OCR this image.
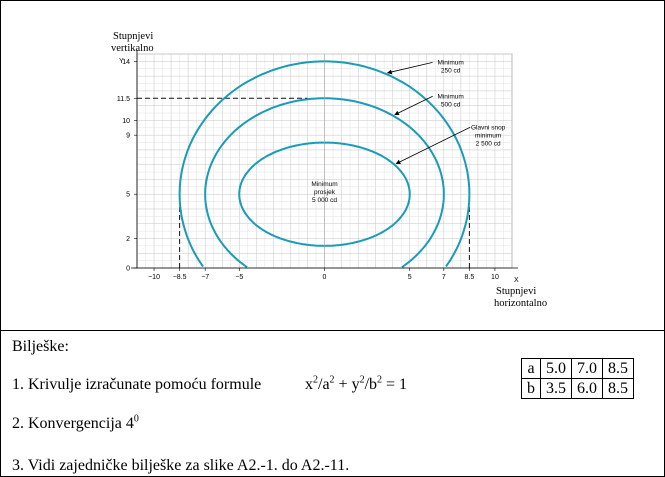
−10 −8.5 −7	−5	0	5	7	8.5 10
0
2
5
9
10
11.5
14	Minimum
250 cd
Minimum
500 cd
Glavni snop
minimum
2 500 cd
Minimum
prosjek
5 000 cd
Stupnjevi
vertikalno
Stupnjevi
horizontalno
Y
X
Bilješke:
1. Krivulje izračunate pomoću formule	$x^2/a^2 + y^2/b^2 = 1$
2. Konvergencija $4^0$
3. Vidi zajedničke bilješke za slike A2.-1. do A2.-11.
a	5.0	7.0	8.5
b	3.5	6.0	8.5
